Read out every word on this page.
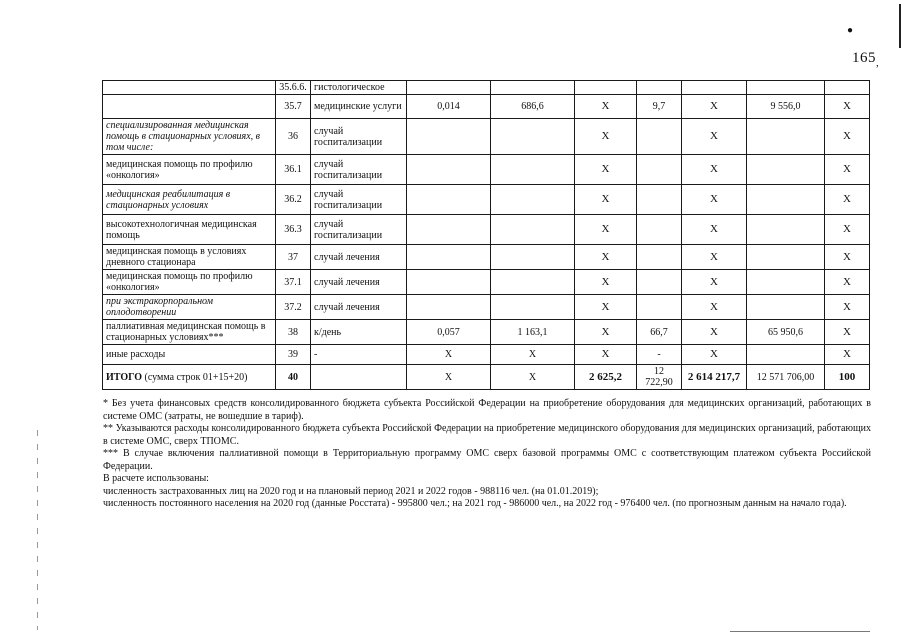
●
165 ,
	35.6.6.	гистологическое							
	35.7	медицинские услуги	0,014	686,6	X	9,7	X	9 556,0	X
специализированная медицинская помощь в стационарных условиях, в том числе:	36	случай госпитализации			X		X		X
медицинская помощь по профилю «онкология»	36.1	случай госпитализации			X		X		X
медицинская реабилитация в стационарных условиях	36.2	случай госпитализации			X		X		X
высокотехнологичная медицинская помощь	36.3	случай госпитализации			X		X		X
медицинская помощь в условиях дневного стационара	37	случай лечения			X		X		X
медицинская помощь по профилю «онкология»	37.1	случай лечения			X		X		X
при экстракорпоральном оплодотворении	37.2	случай лечения			X		X		X
паллиативная медицинская помощь в стационарных условиях***	38	к/день	0,057	1 163,1	X	66,7	X	65 950,6	X
иные расходы	39	-	X	X	X	-	X		X
ИТОГО (сумма строк 01+15+20)	40		X	X	2 625,2	12 722,90	2 614 217,7	12 571 706,00	100

* Без учета финансовых средств консолидированного бюджета субъекта Российской Федерации на приобретение оборудования для медицинских организаций, работающих в системе ОМС (затраты, не вошедшие в тариф).

** Указываются расходы консолидированного бюджета субъекта Российской Федерации на приобретение медицинского оборудования для медицинских организаций, работающих в системе ОМС, сверх ТПОМС.

*** В случае включения паллиативной помощи в Территориальную программу ОМС сверх базовой программы ОМС с соответствующим платежом субъекта Российской Федерации.

В расчете использованы:

численность застрахованных лиц на 2020 год и на плановый период 2021 и 2022 годов - 988116 чел. (на 01.01.2019);

численность постоянного населения на 2020 год (данные Росстата) - 995800 чел.; на 2021 год - 986000 чел., на 2022 год - 976400 чел. (по прогнозным данным на начало года).
